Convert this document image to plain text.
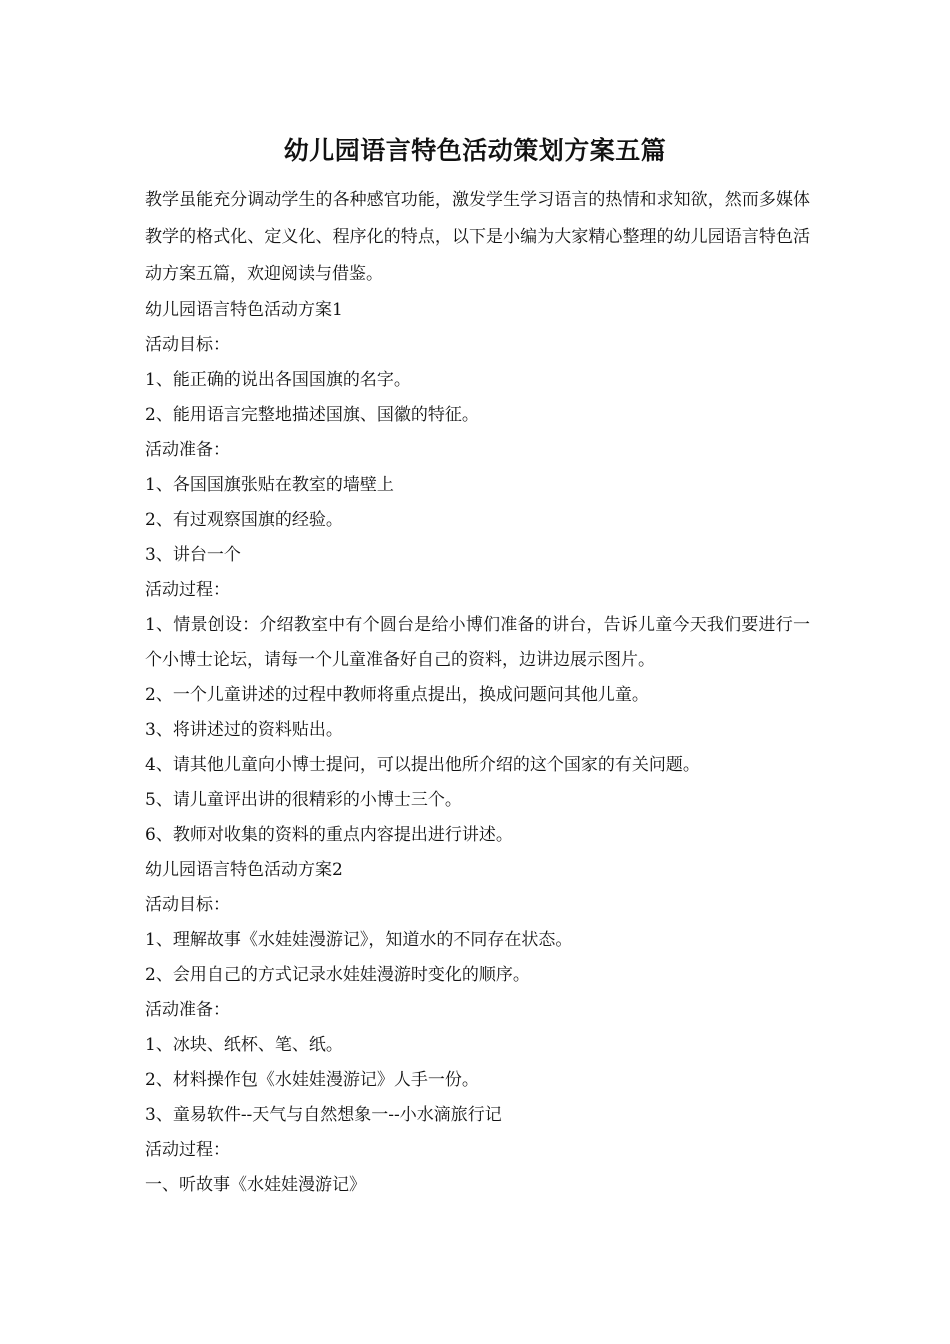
幼儿园语言特色活动策划方案五篇

教学虽能充分调动学生的各种感官功能，激发学生学习语言的热情和求知欲，然而多媒体教学的格式化、定义化、程序化的特点，以下是小编为大家精心整理的幼儿园语言特色活动方案五篇，欢迎阅读与借鉴。

幼儿园语言特色活动方案1
活动目标：
1、能正确的说出各国国旗的名字。
2、能用语言完整地描述国旗、国徽的特征。
活动准备：
1、各国国旗张贴在教室的墙壁上
2、有过观察国旗的经验。
3、讲台一个
活动过程：
1、情景创设：介绍教室中有个圆台是给小博们准备的讲台，告诉儿童今天我们要进行一个小博士论坛，请每一个儿童准备好自己的资料，边讲边展示图片。
2、一个儿童讲述的过程中教师将重点提出，换成问题问其他儿童。
3、将讲述过的资料贴出。
4、请其他儿童向小博士提问，可以提出他所介绍的这个国家的有关问题。
5、请儿童评出讲的很精彩的小博士三个。
6、教师对收集的资料的重点内容提出进行讲述。
幼儿园语言特色活动方案2
活动目标：
1、理解故事《水娃娃漫游记》，知道水的不同存在状态。
2、会用自己的方式记录水娃娃漫游时变化的顺序。
活动准备：
1、冰块、纸杯、笔、纸。
2、材料操作包《水娃娃漫游记》人手一份。
3、童易软件--天气与自然想象一--小水滴旅行记
活动过程：
一、听故事《水娃娃漫游记》
